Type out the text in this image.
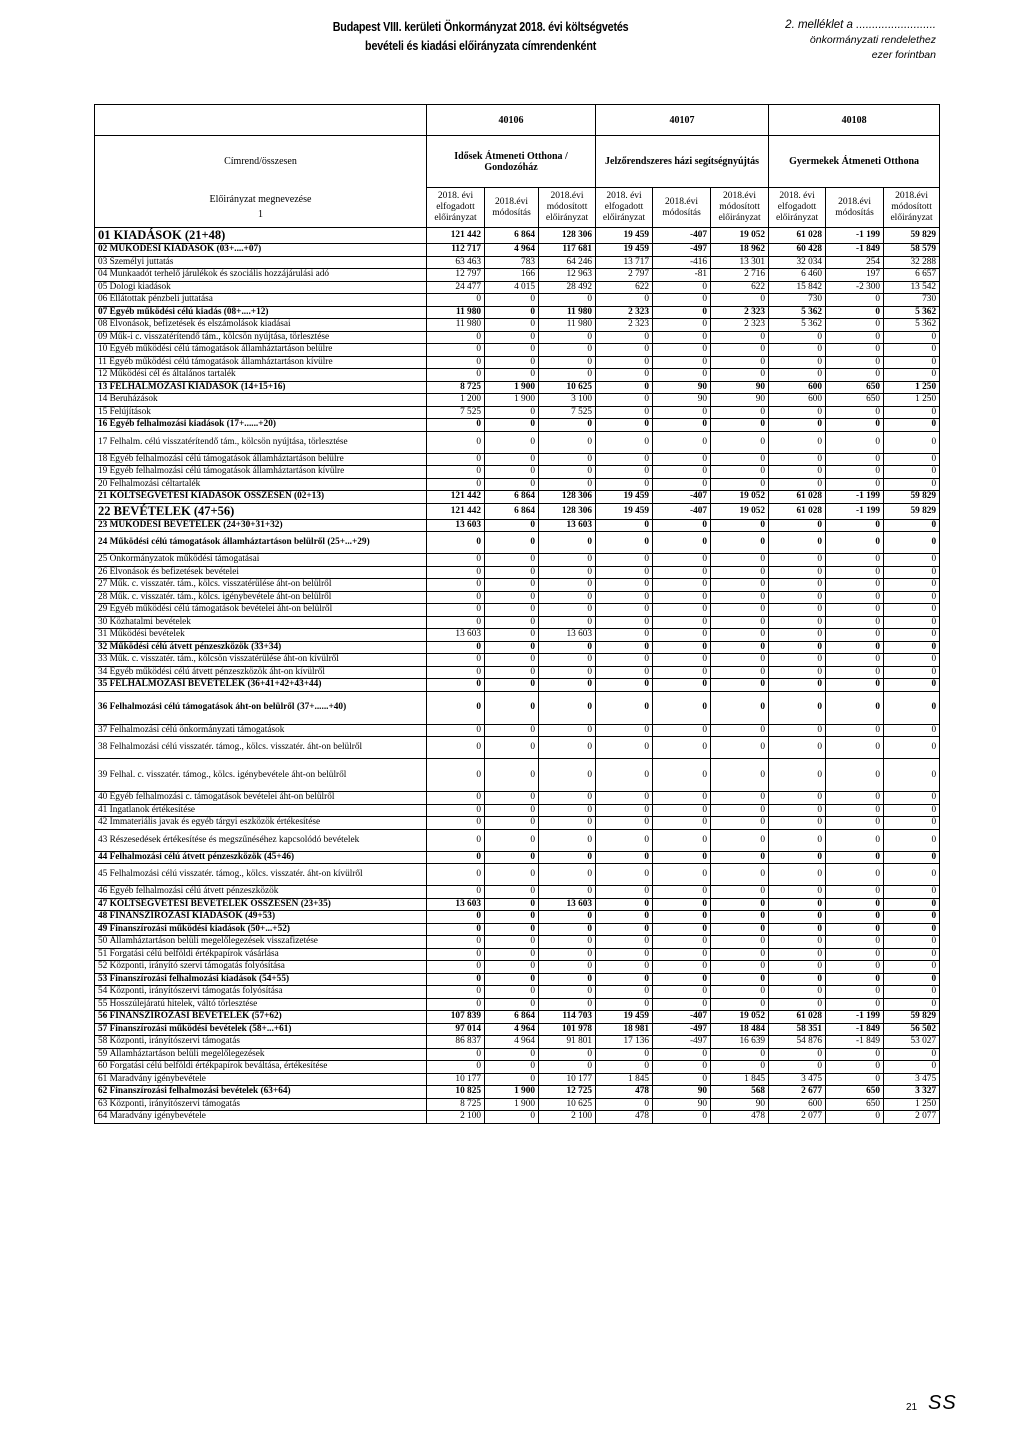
Budapest VIII. kerületi Önkormányzat 2018. évi költségvetés
bevételi és kiadási előirányzata címrendenként
2. melléklet a .........................
önkormányzati rendelethez
ezer forintban
	40106			40107			40108		
Címrend/összesen	Idősek Átmeneti Otthona / Gondozóház			Jelzőrendszeres házi segítségnyújtás			Gyermekek Átmeneti Otthona		

Előirányzat megnevezése
1	2018. évi elfogadott előirányzat	2018.évi módosítás	2018.évi módosított előirányzat	2018. évi elfogadott előirányzat	2018.évi módosítás	2018.évi módosított előirányzat	2018. évi elfogadott előirányzat	2018.évi módosítás	2018.évi módosított előirányzat
01 KIADÁSOK (21+48)	121 442	6 864	128 306	19 459	-407	19 052	61 028	-1 199	59 829
02 MŰKÖDÉSI KIADÁSOK (03+....+07)	112 717	4 964	117 681	19 459	-497	18 962	60 428	-1 849	58 579
03 Személyi juttatás	63 463	783	64 246	13 717	-416	13 301	32 034	254	32 288
04 Munkaadót terhelő járulékok és szociális hozzájárulási adó	12 797	166	12 963	2 797	-81	2 716	6 460	197	6 657
05 Dologi kiadások	24 477	4 015	28 492	622	0	622	15 842	-2 300	13 542
06 Ellátottak pénzbeli juttatása	0	0	0	0	0	0	730	0	730
07 Egyéb működési célú kiadás (08+....+12)	11 980	0	11 980	2 323	0	2 323	5 362	0	5 362
08 Elvonások, befizetések és elszámolások kiadásai	11 980	0	11 980	2 323	0	2 323	5 362	0	5 362
09 Műk-i c. visszatérítendő tám., kölcsön nyújtása, törlesztése	0	0	0	0	0	0	0	0	0
10 Egyéb működési célú támogatások államháztartáson belülre	0	0	0	0	0	0	0	0	0
11 Egyéb működési célú támogatások államháztartáson kívülre	0	0	0	0	0	0	0	0	0
12 Működési cél és általános tartalék	0	0	0	0	0	0	0	0	0
13 FELHALMOZÁSI KIADÁSOK (14+15+16)	8 725	1 900	10 625	0	90	90	600	650	1 250
14 Beruházások	1 200	1 900	3 100	0	90	90	600	650	1 250
15 Felújítások	7 525	0	7 525	0	0	0	0	0	0
16 Egyéb felhalmozási kiadások (17+......+20)	0	0	0	0	0	0	0	0	0
17 Felhalm. célú visszatérítendő tám., kölcsön nyújtása, törlesztése	0	0	0	0	0	0	0	0	0
18 Egyéb felhalmozási célú támogatások államháztartáson belülre	0	0	0	0	0	0	0	0	0
19 Egyéb felhalmozási célú támogatások államháztartáson kívülre	0	0	0	0	0	0	0	0	0
20 Felhalmozási céltartalék	0	0	0	0	0	0	0	0	0
21 KÖLTSÉGVETÉSI KIADÁSOK ÖSSZESEN (02+13)	121 442	6 864	128 306	19 459	-407	19 052	61 028	-1 199	59 829
22 BEVÉTELEK (47+56)	121 442	6 864	128 306	19 459	-407	19 052	61 028	-1 199	59 829
23 MŰKÖDÉSI BEVÉTELEK (24+30+31+32)	13 603	0	13 603	0	0	0	0	0	0
24 Működési célú támogatások államháztartáson belülről (25+...+29)	0	0	0	0	0	0	0	0	0
25 Önkormányzatok működési támogatásai	0	0	0	0	0	0	0	0	0
26 Elvonások és befizetések bevételei	0	0	0	0	0	0	0	0	0
27 Műk. c. visszatér. tám., kölcs. visszatérülése áht-on belülről	0	0	0	0	0	0	0	0	0
28 Műk. c. visszatér. tám., kölcs. igénybevétele áht-on belülről	0	0	0	0	0	0	0	0	0
29 Egyéb működési célú támogatások bevételei áht-on belülről	0	0	0	0	0	0	0	0	0
30 Közhatalmi bevételek	0	0	0	0	0	0	0	0	0
31 Működési bevételek	13 603	0	13 603	0	0	0	0	0	0
32 Működési célú átvett pénzeszközök (33+34)	0	0	0	0	0	0	0	0	0
33 Műk. c. visszatér. tám., kölcsön visszatérülése áht-on kívülről	0	0	0	0	0	0	0	0	0
34 Egyéb működési célú átvett pénzeszközök áht-on kívülről	0	0	0	0	0	0	0	0	0
35 FELHALMOZÁSI BEVÉTELEK (36+41+42+43+44)	0	0	0	0	0	0	0	0	0
36 Felhalmozási célú támogatások áht-on belülről (37+......+40)	0	0	0	0	0	0	0	0	0
37 Felhalmozási célú önkormányzati támogatások	0	0	0	0	0	0	0	0	0
38 Felhalmozási célú visszatér. támog., kölcs. visszatér. áht-on belülről	0	0	0	0	0	0	0	0	0
39 Felhal. c. visszatér. támog., kölcs. igénybevétele áht-on belülről	0	0	0	0	0	0	0	0	0
40 Egyéb felhalmozási c. támogatások bevételei áht-on belülről	0	0	0	0	0	0	0	0	0
41 Ingatlanok értékesítése	0	0	0	0	0	0	0	0	0
42 Immateriális javak és egyéb tárgyi eszközök értékesítése	0	0	0	0	0	0	0	0	0
43 Részesedések értékesítése és megszűnéséhez kapcsolódó bevételek	0	0	0	0	0	0	0	0	0
44 Felhalmozási célú átvett pénzeszközök (45+46)	0	0	0	0	0	0	0	0	0
45 Felhalmozási célú visszatér. támog., kölcs. visszatér. áht-on kívülről	0	0	0	0	0	0	0	0	0
46 Egyéb felhalmozási célú átvett pénzeszközök	0	0	0	0	0	0	0	0	0
47 KÖLTSÉGVETÉSI BEVÉTELEK ÖSSZESEN (23+35)	13 603	0	13 603	0	0	0	0	0	0
48 FINANSZÍROZÁSI KIADÁSOK (49+53)	0	0	0	0	0	0	0	0	0
49 Finanszírozási működési kiadások (50+...+52)	0	0	0	0	0	0	0	0	0
50 Államháztartáson belüli megelőlegezések visszafizetése	0	0	0	0	0	0	0	0	0
51 Forgatási célú belföldi értékpapírok vásárlása	0	0	0	0	0	0	0	0	0
52 Központi, irányító szervi támogatás folyósítása	0	0	0	0	0	0	0	0	0
53 Finanszírozási felhalmozási kiadások (54+55)	0	0	0	0	0	0	0	0	0
54 Központi, irányítószervi támogatás folyósítása	0	0	0	0	0	0	0	0	0
55 Hosszúlejáratú hitelek, váltó törlesztése	0	0	0	0	0	0	0	0	0
56 FINANSZÍROZÁSI BEVÉTELEK (57+62)	107 839	6 864	114 703	19 459	-407	19 052	61 028	-1 199	59 829
57 Finanszírozási működési bevételek (58+...+61)	97 014	4 964	101 978	18 981	-497	18 484	58 351	-1 849	56 502
58 Központi, irányítószervi támogatás	86 837	4 964	91 801	17 136	-497	16 639	54 876	-1 849	53 027
59 Államháztartáson belüli megelőlegezések	0	0	0	0	0	0	0	0	0
60 Forgatási célú belföldi értékpapírok beváltása, értékesítése	0	0	0	0	0	0	0	0	0
61 Maradvány igénybevétele	10 177	0	10 177	1 845	0	1 845	3 475	0	3 475
62 Finanszírozási felhalmozási bevételek (63+64)	10 825	1 900	12 725	478	90	568	2 677	650	3 327
63 Központi, irányítószervi támogatás	8 725	1 900	10 625	0	90	90	600	650	1 250
64 Maradvány igénybevétele	2 100	0	2 100	478	0	478	2 077	0	2 077
21 SS
